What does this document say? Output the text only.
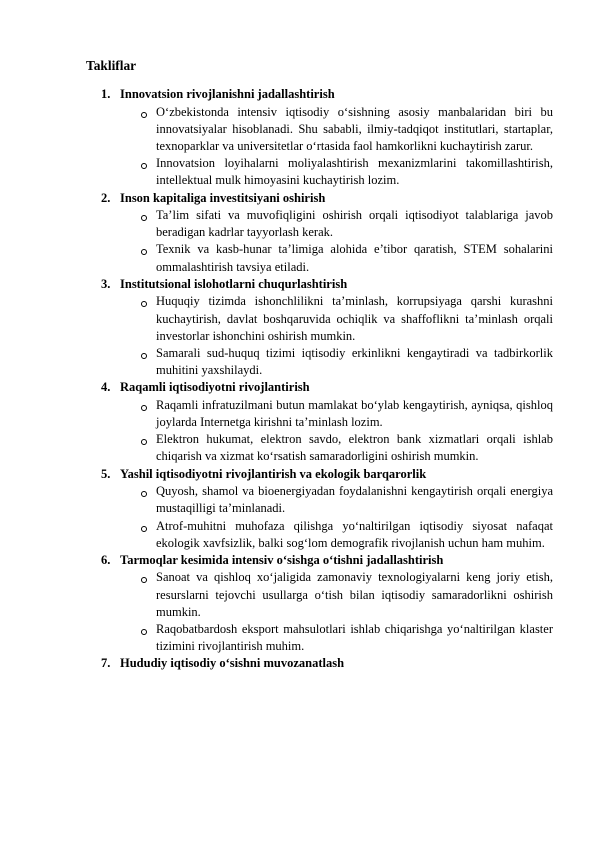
Takliflar
1. Innovatsion rivojlanishni jadallashtirish
O‘zbekistonda intensiv iqtisodiy o‘sishning asosiy manbalaridan biri bu innovatsiyalar hisoblanadi. Shu sababli, ilmiy-tadqiqot institutlari, startaplar, texnoparklar va universitetlar o‘rtasida faol hamkorlikni kuchaytirish zarur.
Innovatsion loyihalarni moliyalashtirish mexanizmlarini takomillashtirish, intellektual mulk himoyasini kuchaytirish lozim.
2. Inson kapitaliga investitsiyani oshirish
Ta’lim sifati va muvofiqligini oshirish orqali iqtisodiyot talablariga javob beradigan kadrlar tayyorlash kerak.
Texnik va kasb-hunar ta’limiga alohida e’tibor qaratish, STEM sohalarini ommalashtirish tavsiya etiladi.
3. Institutsional islohotlarni chuqurlashtirish
Huquqiy tizimda ishonchlilikni ta’minlash, korrupsiyaga qarshi kurashni kuchaytirish, davlat boshqaruvida ochiqlik va shaffoflikni ta’minlash orqali investorlar ishonchini oshirish mumkin.
Samarali sud-huquq tizimi iqtisodiy erkinlikni kengaytiradi va tadbirkorlik muhitini yaxshilaydi.
4. Raqamli iqtisodiyotni rivojlantirish
Raqamli infratuzilmani butun mamlakat bo‘ylab kengaytirish, ayniqsa, qishloq joylarda Internetga kirishni ta’minlash lozim.
Elektron hukumat, elektron savdo, elektron bank xizmatlari orqali ishlab chiqarish va xizmat ko‘rsatish samaradorligini oshirish mumkin.
5. Yashil iqtisodiyotni rivojlantirish va ekologik barqarorlik
Quyosh, shamol va bioenergiyadan foydalanishni kengaytirish orqali energiya mustaqilligi ta’minlanadi.
Atrof-muhitni muhofaza qilishga yo‘naltirilgan iqtisodiy siyosat nafaqat ekologik xavfsizlik, balki sog‘lom demografik rivojlanish uchun ham muhim.
6. Tarmoqlar kesimida intensiv o‘sishga o‘tishni jadallashtirish
Sanoat va qishloq xo‘jaligida zamonaviy texnologiyalarni keng joriy etish, resurslarni tejovchi usullarga o‘tish bilan iqtisodiy samaradorlikni oshirish mumkin.
Raqobatbardosh eksport mahsulotlari ishlab chiqarishga yo‘naltirilgan klaster tizimini rivojlantirish muhim.
7. Hududiy iqtisodiy o‘sishni muvozanatlash
